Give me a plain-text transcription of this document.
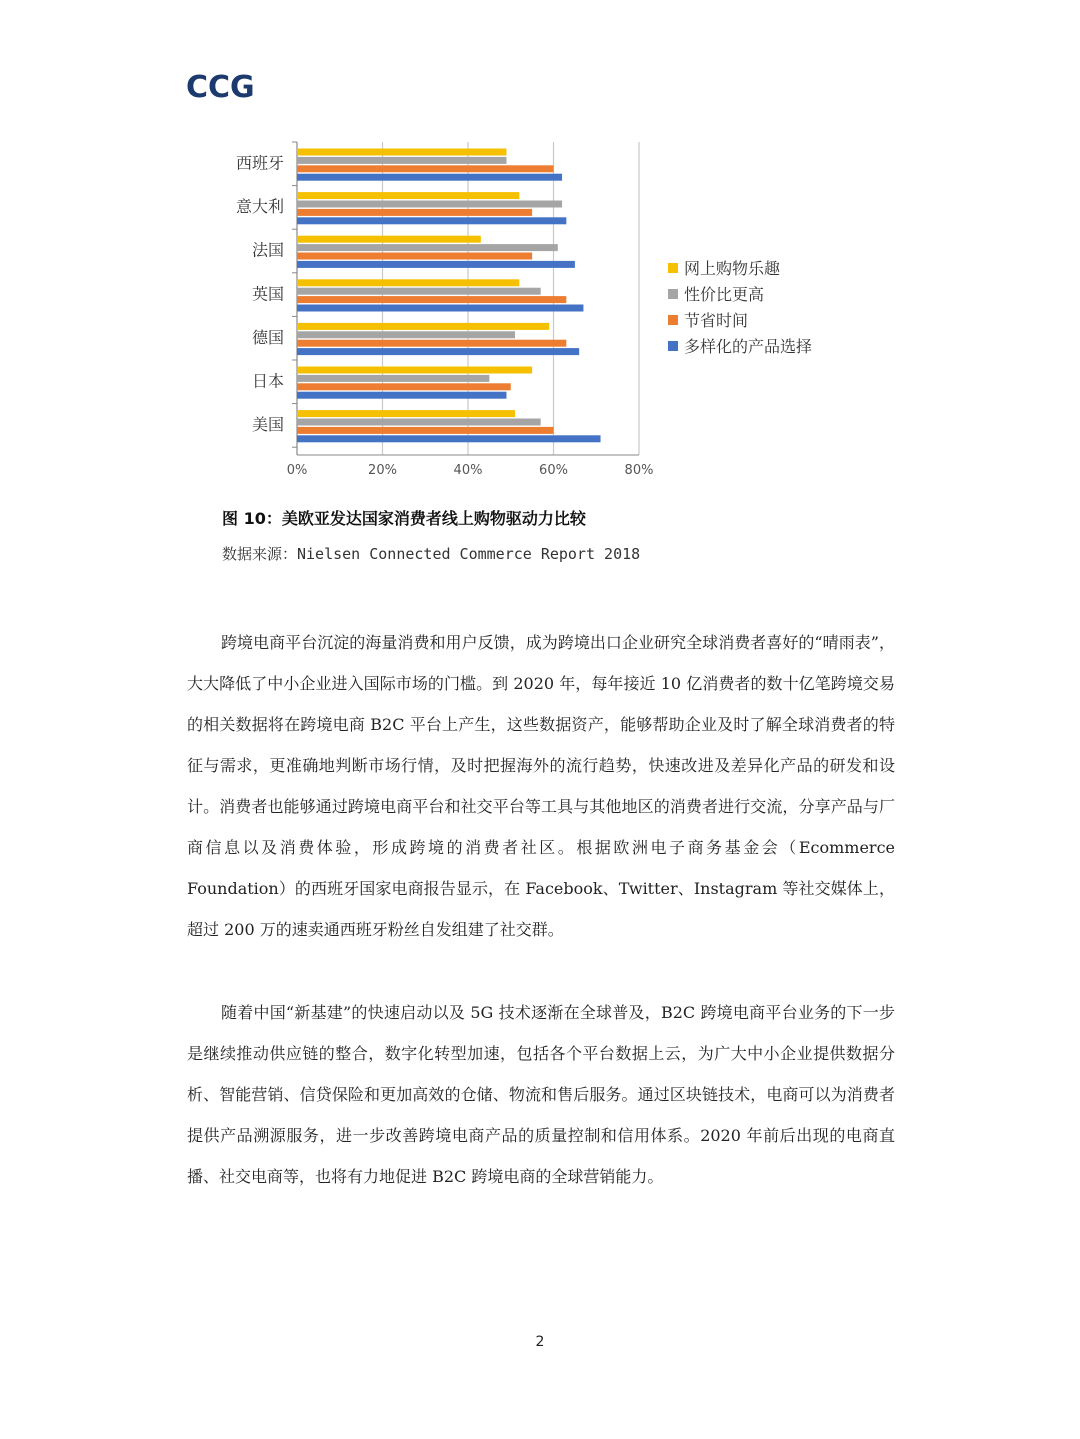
CCG
西班牙
意大利
法国
英国
德国
日本
美国
0%	20%	40%	60%	80%
网上购物乐趣
性价比更高
节省时间
多样化的产品选择
图 10：美欧亚发达国家消费者线上购物驱动力比较
数据来源：Nielsen Connected Commerce Report 2018

跨境电商平台沉淀的海量消费和用户反馈，成为跨境出口企业研究全球消费者喜好的“晴雨表”，大大降低了中小企业进入国际市场的门槛。到 2020 年，每年接近 10 亿消费者的数十亿笔跨境交易的相关数据将在跨境电商 B2C 平台上产生，这些数据资产，能够帮助企业及时了解全球消费者的特征与需求，更准确地判断市场行情，及时把握海外的流行趋势，快速改进及差异化产品的研发和设计。消费者也能够通过跨境电商平台和社交平台等工具与其他地区的消费者进行交流，分享产品与厂商信息以及消费体验，形成跨境的消费者社区。根据欧洲电子商务基金会（Ecommerce Foundation）的西班牙国家电商报告显示，在 Facebook、Twitter、Instagram 等社交媒体上，超过 200 万的速卖通西班牙粉丝自发组建了社交群。

随着中国“新基建”的快速启动以及 5G 技术逐渐在全球普及，B2C 跨境电商平台业务的下一步是继续推动供应链的整合，数字化转型加速，包括各个平台数据上云，为广大中小企业提供数据分析、智能营销、信贷保险和更加高效的仓储、物流和售后服务。通过区块链技术，电商可以为消费者提供产品溯源服务，进一步改善跨境电商产品的质量控制和信用体系。2020 年前后出现的电商直播、社交电商等，也将有力地促进 B2C 跨境电商的全球营销能力。

2
